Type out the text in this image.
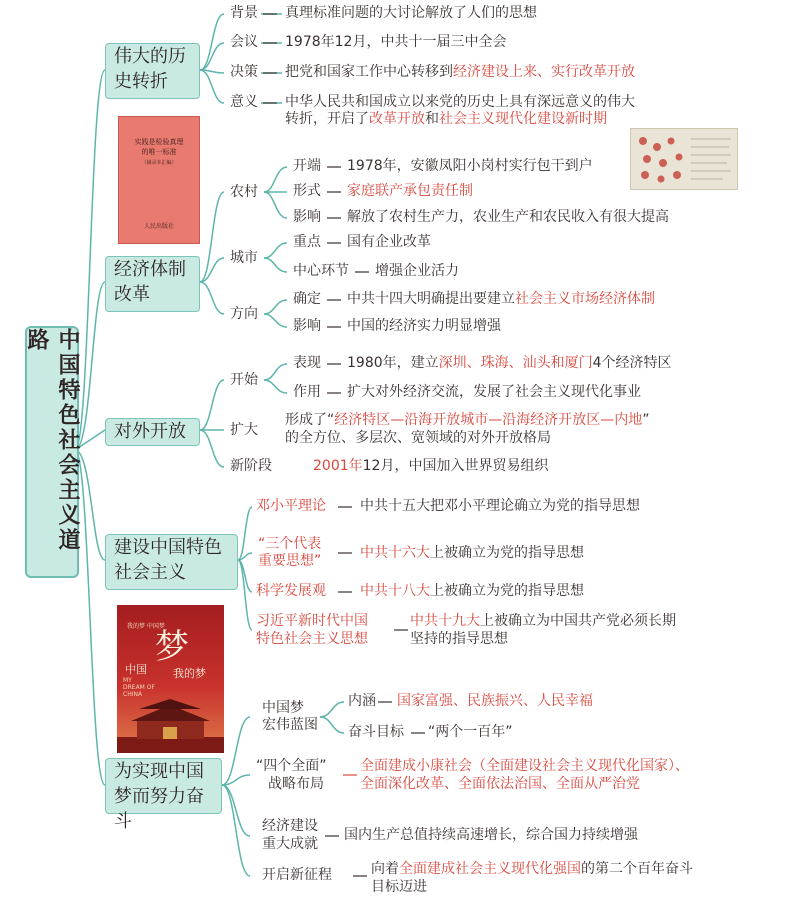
中国特色社会主义道路
伟大的历史转折
背景 真理标准问题的大讨论解放了人们的思想
会议 1978年12月，中共十一届三中全会
决策 把党和国家工作中心转移到经济建设上来、实行改革开放
意义 中华人民共和国成立以来党的历史上具有深远意义的伟大
转折，开启了改革开放和社会主义现代化建设新时期
实践是检验真理
的唯一标准
（摘录本汇编）
人民出版社
经济体制改革
农村
开端 1978年，安徽凤阳小岗村实行包干到户
形式 家庭联产承包责任制
影响 解放了农村生产力，农业生产和农民收入有很大提高
城市
重点 国有企业改革
中心环节 增强企业活力
方向
确定 中共十四大明确提出要建立社会主义市场经济体制
影响 中国的经济实力明显增强
对外开放
开始
表现 1980年，建立深圳、珠海、汕头和厦门4个经济特区
作用 扩大对外经济交流，发展了社会主义现代化事业
扩大
形成了“经济特区—沿海开放城市—沿海经济开放区—内地”
的全方位、多层次、宽领域的对外开放格局
新阶段	2001年12月，中国加入世界贸易组织
建设中国特色社会主义
邓小平理论 中共十五大把邓小平理论确立为党的指导思想
“三个代表
重要思想”	中共十六大上被确立为党的指导思想
科学发展观 中共十八大上被确立为党的指导思想
习近平新时代中国
特色社会主义思想
中共十九大上被确立为中国共产党必须长期
坚持的指导思想
我的梦 中国梦
梦
中国 我的梦
MY
DREAM OF
CHINA
为实现中国梦而努力奋斗
中国梦
宏伟蓝图
内涵 国家富强、民族振兴、人民幸福
奋斗目标 “两个一百年”
“四个全面”
战略布局
全面建成小康社会（全面建设社会主义现代化国家）、
全面深化改革、全面依法治国、全面从严治党
经济建设
重大成就
国内生产总值持续高速增长，综合国力持续增强
开启新征程	向着全面建成社会主义现代化强国的第二个百年奋斗
目标迈进
